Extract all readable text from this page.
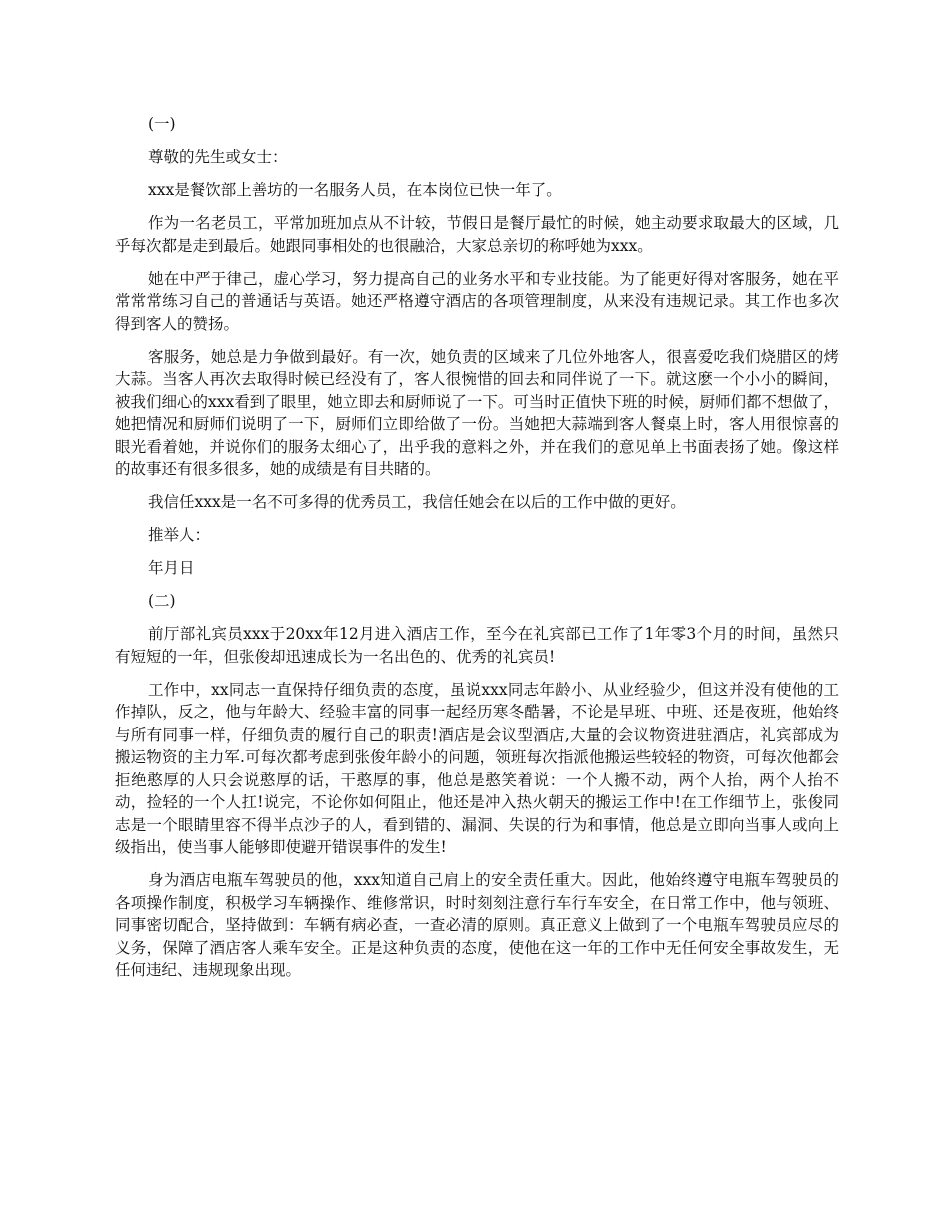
(一)

尊敬的先生或女士：

xxx是餐饮部上善坊的一名服务人员，在本岗位已快一年了。

作为一名老员工，平常加班加点从不计较，节假日是餐厅最忙的时候，她主动要求取最大的区域，几乎每次都是走到最后。她跟同事相处的也很融洽，大家总亲切的称呼她为xxx。

她在中严于律己，虚心学习，努力提高自己的业务水平和专业技能。为了能更好得对客服务，她在平常常常练习自己的普通话与英语。她还严格遵守酒店的各项管理制度，从来没有违规记录。其工作也多次得到客人的赞扬。

客服务，她总是力争做到最好。有一次，她负责的区域来了几位外地客人，很喜爱吃我们烧腊区的烤大蒜。当客人再次去取得时候已经没有了，客人很惋惜的回去和同伴说了一下。就这麽一个小小的瞬间，被我们细心的xxx看到了眼里，她立即去和厨师说了一下。可当时正值快下班的时候，厨师们都不想做了，她把情况和厨师们说明了一下，厨师们立即给做了一份。当她把大蒜端到客人餐桌上时，客人用很惊喜的眼光看着她，并说你们的服务太细心了，出乎我的意料之外，并在我们的意见单上书面表扬了她。像这样的故事还有很多很多，她的成绩是有目共睹的。

我信任xxx是一名不可多得的优秀员工，我信任她会在以后的工作中做的更好。

推举人：

年月日

(二)

前厅部礼宾员xxx于20xx年12月进入酒店工作，至今在礼宾部已工作了1年零3个月的时间，虽然只有短短的一年，但张俊却迅速成长为一名出色的、优秀的礼宾员!

工作中，xx同志一直保持仔细负责的态度，虽说xxx同志年龄小、从业经验少，但这并没有使他的工作掉队，反之，他与年龄大、经验丰富的同事一起经历寒冬酷暑，不论是早班、中班、还是夜班，他始终与所有同事一样，仔细负责的履行自己的职责!酒店是会议型酒店,大量的会议物资进驻酒店，礼宾部成为搬运物资的主力军.可每次都考虑到张俊年龄小的问题，领班每次指派他搬运些较轻的物资，可每次他都会拒绝憨厚的人只会说憨厚的话，干憨厚的事，他总是憨笑着说：一个人搬不动，两个人抬，两个人抬不动，捡轻的一个人扛!说完，不论你如何阻止，他还是冲入热火朝天的搬运工作中!在工作细节上，张俊同志是一个眼睛里容不得半点沙子的人，看到错的、漏洞、失误的行为和事情，他总是立即向当事人或向上级指出，使当事人能够即使避开错误事件的发生!

身为酒店电瓶车驾驶员的他，xxx知道自己肩上的安全责任重大。因此，他始终遵守电瓶车驾驶员的各项操作制度，积极学习车辆操作、维修常识，时时刻刻注意行车行车安全，在日常工作中，他与领班、同事密切配合，坚持做到：车辆有病必查，一查必清的原则。真正意义上做到了一个电瓶车驾驶员应尽的义务，保障了酒店客人乘车安全。正是这种负责的态度，使他在这一年的工作中无任何安全事故发生，无任何违纪、违规现象出现。
